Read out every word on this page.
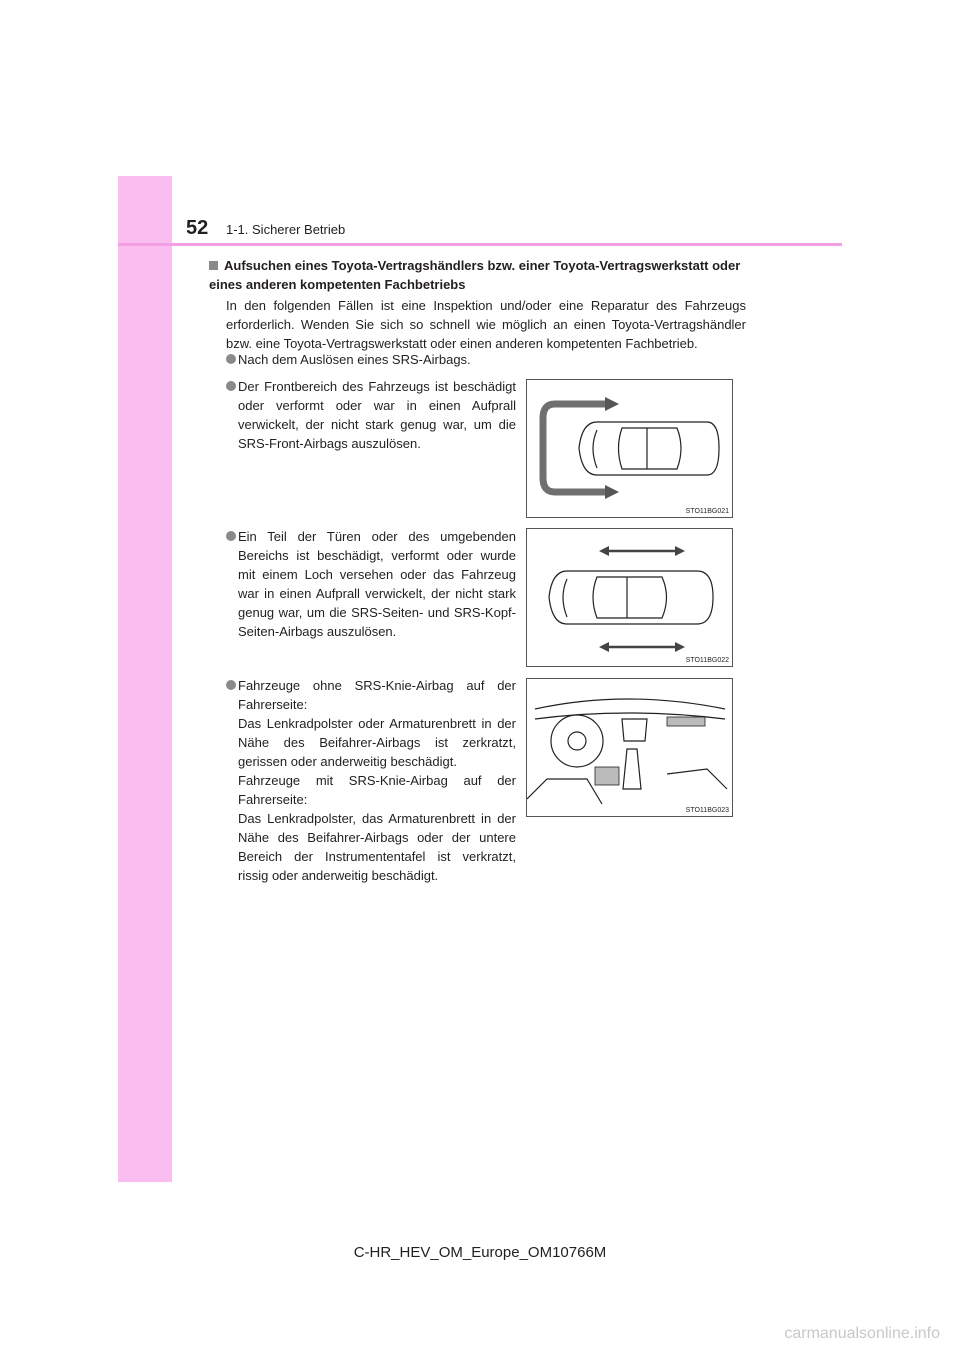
52 1-1. Sicherer Betrieb
Aufsuchen eines Toyota-Vertragshändlers bzw. einer Toyota-Vertragswerkstatt oder eines anderen kompetenten Fachbetriebs
In den folgenden Fällen ist eine Inspektion und/oder eine Reparatur des Fahrzeugs erforderlich. Wenden Sie sich so schnell wie möglich an einen Toyota-Vertragshändler bzw. eine Toyota-Vertragswerkstatt oder einen anderen kompetenten Fachbetrieb.
Nach dem Auslösen eines SRS-Airbags.
Der Frontbereich des Fahrzeugs ist beschädigt oder verformt oder war in einen Aufprall verwickelt, der nicht stark genug war, um die SRS-Front-Airbags auszulösen.
Ein Teil der Türen oder des umgebenden Bereichs ist beschädigt, verformt oder wurde mit einem Loch versehen oder das Fahrzeug war in einen Aufprall verwickelt, der nicht stark genug war, um die SRS-Seiten- und SRS-Kopf-Seiten-Airbags auszulösen.
Fahrzeuge ohne SRS-Knie-Airbag auf der Fahrerseite:
Das Lenkradpolster oder Armaturenbrett in der Nähe des Beifahrer-Airbags ist zerkratzt, gerissen oder anderweitig beschädigt.
Fahrzeuge mit SRS-Knie-Airbag auf der Fahrerseite:
Das Lenkradpolster, das Armaturenbrett in der Nähe des Beifahrer-Airbags oder der untere Bereich der Instrumententafel ist verkratzt, rissig oder anderweitig beschädigt.
STO11BG021
STO11BG022
STO11BG023
C-HR_HEV_OM_Europe_OM10766M
carmanualsonline.info
